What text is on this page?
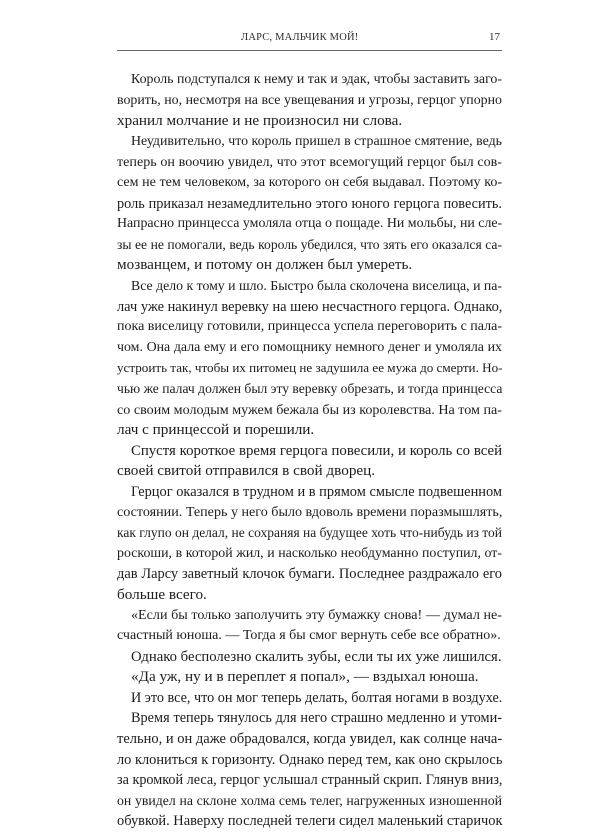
ЛАРС, МАЛЬЧИК МОЙ!	17
Король подступался к нему и так и эдак, чтобы заставить заго-
ворить, но, несмотря на все увещевания и угрозы, герцог упорно
хранил молчание и не произносил ни слова.
Неудивительно, что король пришел в страшное смятение, ведь
теперь он воочию увидел, что этот всемогущий герцог был сов-
сем не тем человеком, за которого он себя выдавал. Поэтому ко-
роль приказал незамедлительно этого юного герцога повесить.
Напрасно принцесса умоляла отца о пощаде. Ни мольбы, ни сле-
зы ее не помогали, ведь король убедился, что зять его оказался са-
мозванцем, и потому он должен был умереть.
Все дело к тому и шло. Быстро была сколочена виселица, и па-
лач уже накинул веревку на шею несчастного герцога. Однако,
пока виселицу готовили, принцесса успела переговорить с пала-
чом. Она дала ему и его помощнику немного денег и умоляла их
устроить так, чтобы их питомец не задушила ее мужа до смерти. Но-
чью же палач должен был эту веревку обрезать, и тогда принцесса
со своим молодым мужем бежала бы из королевства. На том па-
лач с принцессой и порешили.
Спустя короткое время герцога повесили, и король со всей
своей свитой отправился в свой дворец.
Герцог оказался в трудном и в прямом смысле подвешенном
состоянии. Теперь у него было вдоволь времени поразмышлять,
как глупо он делал, не сохраняя на будущее хоть что-нибудь из той
роскоши, в которой жил, и насколько необдуманно поступил, от-
дав Ларсу заветный клочок бумаги. Последнее раздражало его
больше всего.
«Если бы только заполучить эту бумажку снова! — думал не-
счастный юноша. — Тогда я бы смог вернуть себе все обратно».
Однако бесполезно скалить зубы, если ты их уже лишился.
«Да уж, ну и в переплет я попал», — вздыхал юноша.
И это все, что он мог теперь делать, болтая ногами в воздухе.
Время теперь тянулось для него страшно медленно и утоми-
тельно, и он даже обрадовался, когда увидел, как солнце нача-
ло клониться к горизонту. Однако перед тем, как оно скрылось
за кромкой леса, герцог услышал странный скрип. Глянув вниз,
он увидел на склоне холма семь телег, нагруженных изношенной
обувкой. Наверху последней телеги сидел маленький старичок
